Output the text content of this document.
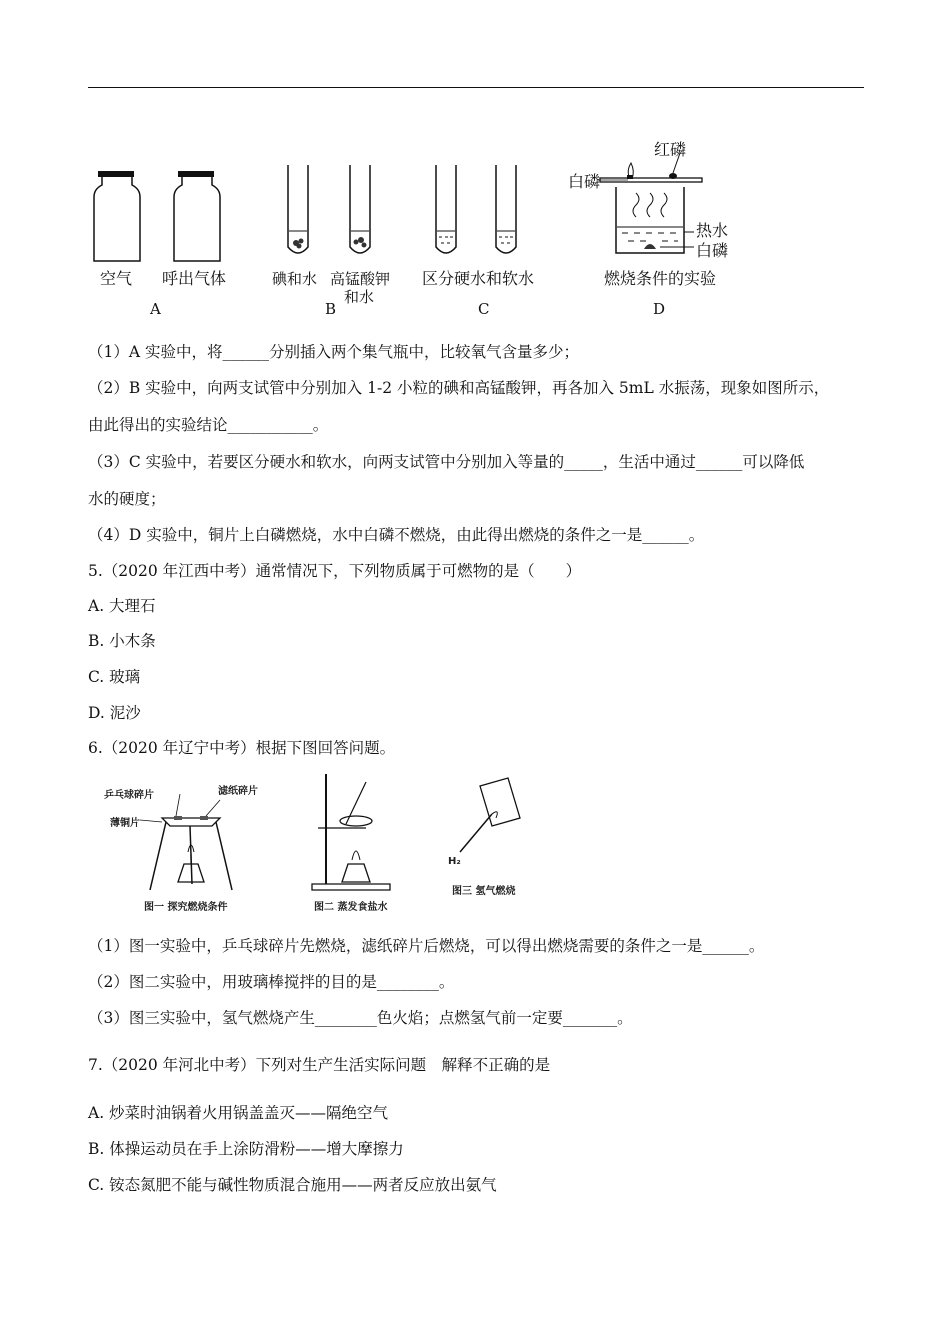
空气 呼出气体
A
碘和水 高锰酸钾
和水
B
区分硬水和软水
C
红磷
白磷
热水
白磷
燃烧条件的实验
D
（1）A 实验中，将______分别插入两个集气瓶中，比较氧气含量多少；
（2）B 实验中，向两支试管中分别加入 1-2 小粒的碘和高锰酸钾，再各加入 5mL 水振荡，现象如图所示，
由此得出的实验结论___________。
（3）C 实验中，若要区分硬水和软水，向两支试管中分别加入等量的_____，生活中通过______可以降低
水的硬度；
（4）D 实验中，铜片上白磷燃烧，水中白磷不燃烧，由此得出燃烧的条件之一是______。
5.（2020 年江西中考）通常情况下，下列物质属于可燃物的是（　　）
A. 大理石
B. 小木条
C. 玻璃
D. 泥沙
6.（2020 年辽宁中考）根据下图回答问题。
乒乓球碎片	滤纸碎片
薄铜片
图一 探究燃烧条件	图二 蒸发食盐水
H₂
图三 氢气燃烧
（1）图一实验中，乒乓球碎片先燃烧，滤纸碎片后燃烧，可以得出燃烧需要的条件之一是______。
（2）图二实验中，用玻璃棒搅拌的目的是________。
（3）图三实验中，氢气燃烧产生________色火焰；点燃氢气前一定要_______。
7.（2020 年河北中考）下列对生产生活实际问题　解释不正确的是
A. 炒菜时油锅着火用锅盖盖灭——隔绝空气
B. 体操运动员在手上涂防滑粉——增大摩擦力
C. 铵态氮肥不能与碱性物质混合施用——两者反应放出氨气
